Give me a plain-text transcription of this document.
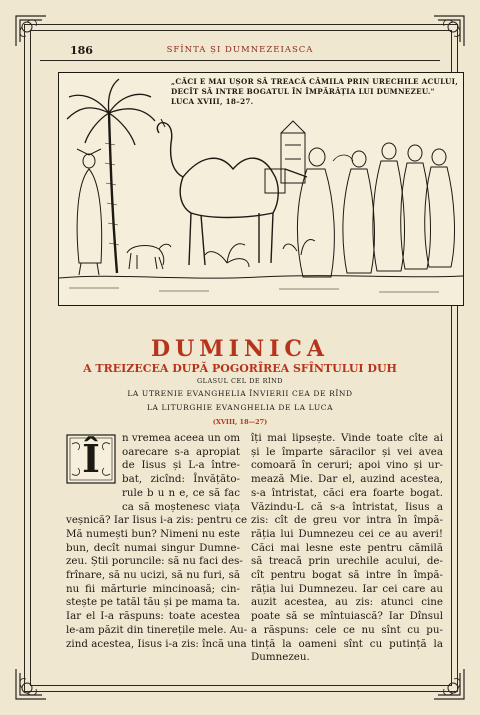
186	SFÎNTA ȘI DUMNEZEIASCA
„CĂCI E MAI UȘOR SĂ TREACĂ CĂMILA PRIN URECHILE ACULUI, DECÎT SĂ INTRE BOGATUL ÎN ÎMPĂRĂȚIA LUI DUMNEZEU." LUCA XVIII, 18–27.
DUMINICA
A TREIZECEA DUPĂ POGORÎREA SFÎNTULUI DUH
GLASUL CEL DE RÎND
LA UTRENIE EVANGHELIA ÎNVIERII CEA DE RÎND
LA LITURGHIE EVANGHELIA DE LA LUCA
(XVIII, 18—27)
Î	n vremea aceea un om
oarecare s-a apropiat
de Iisus și L-a între-
bat, zicînd: Învățăto-
rule b u n e, ce să fac
ca să moștenesc viața
veșnică? Iar Iisus i-a zis: pentru ce
Mă numești bun? Nimeni nu este
bun, decît numai singur Dumne-
zeu. Știi poruncile: să nu faci des-
frînare, să nu ucizi, să nu furi, să
nu fii mărturie mincinoasă; cin-
stește pe tatăl tău și pe mama ta.
Iar el I-a răspuns: toate acestea
le-am păzit din tinerețile mele. Au-
zind acestea, Iisus i-a zis: încă una
îți mai lipsește. Vinde toate cîte ai
și le împarte săracilor și vei avea
comoară în ceruri; apoi vino și ur-
mează Mie. Dar el, auzind acestea,
s-a întristat, căci era foarte bogat.
Văzindu-L că s-a întristat, Iisus a
zis: cît de greu vor intra în împă-
răția lui Dumnezeu cei ce au averi!
Căci mai lesne este pentru cămilă
să treacă prin urechile acului, de-
cît pentru bogat să intre în împă-
răția lui Dumnezeu. Iar cei care au
auzit acestea, au zis: atunci cine
poate să se mîntuiască? Iar Dînsul
a răspuns: cele ce nu sînt cu pu-
tință la oameni sînt cu putință la
Dumnezeu.
